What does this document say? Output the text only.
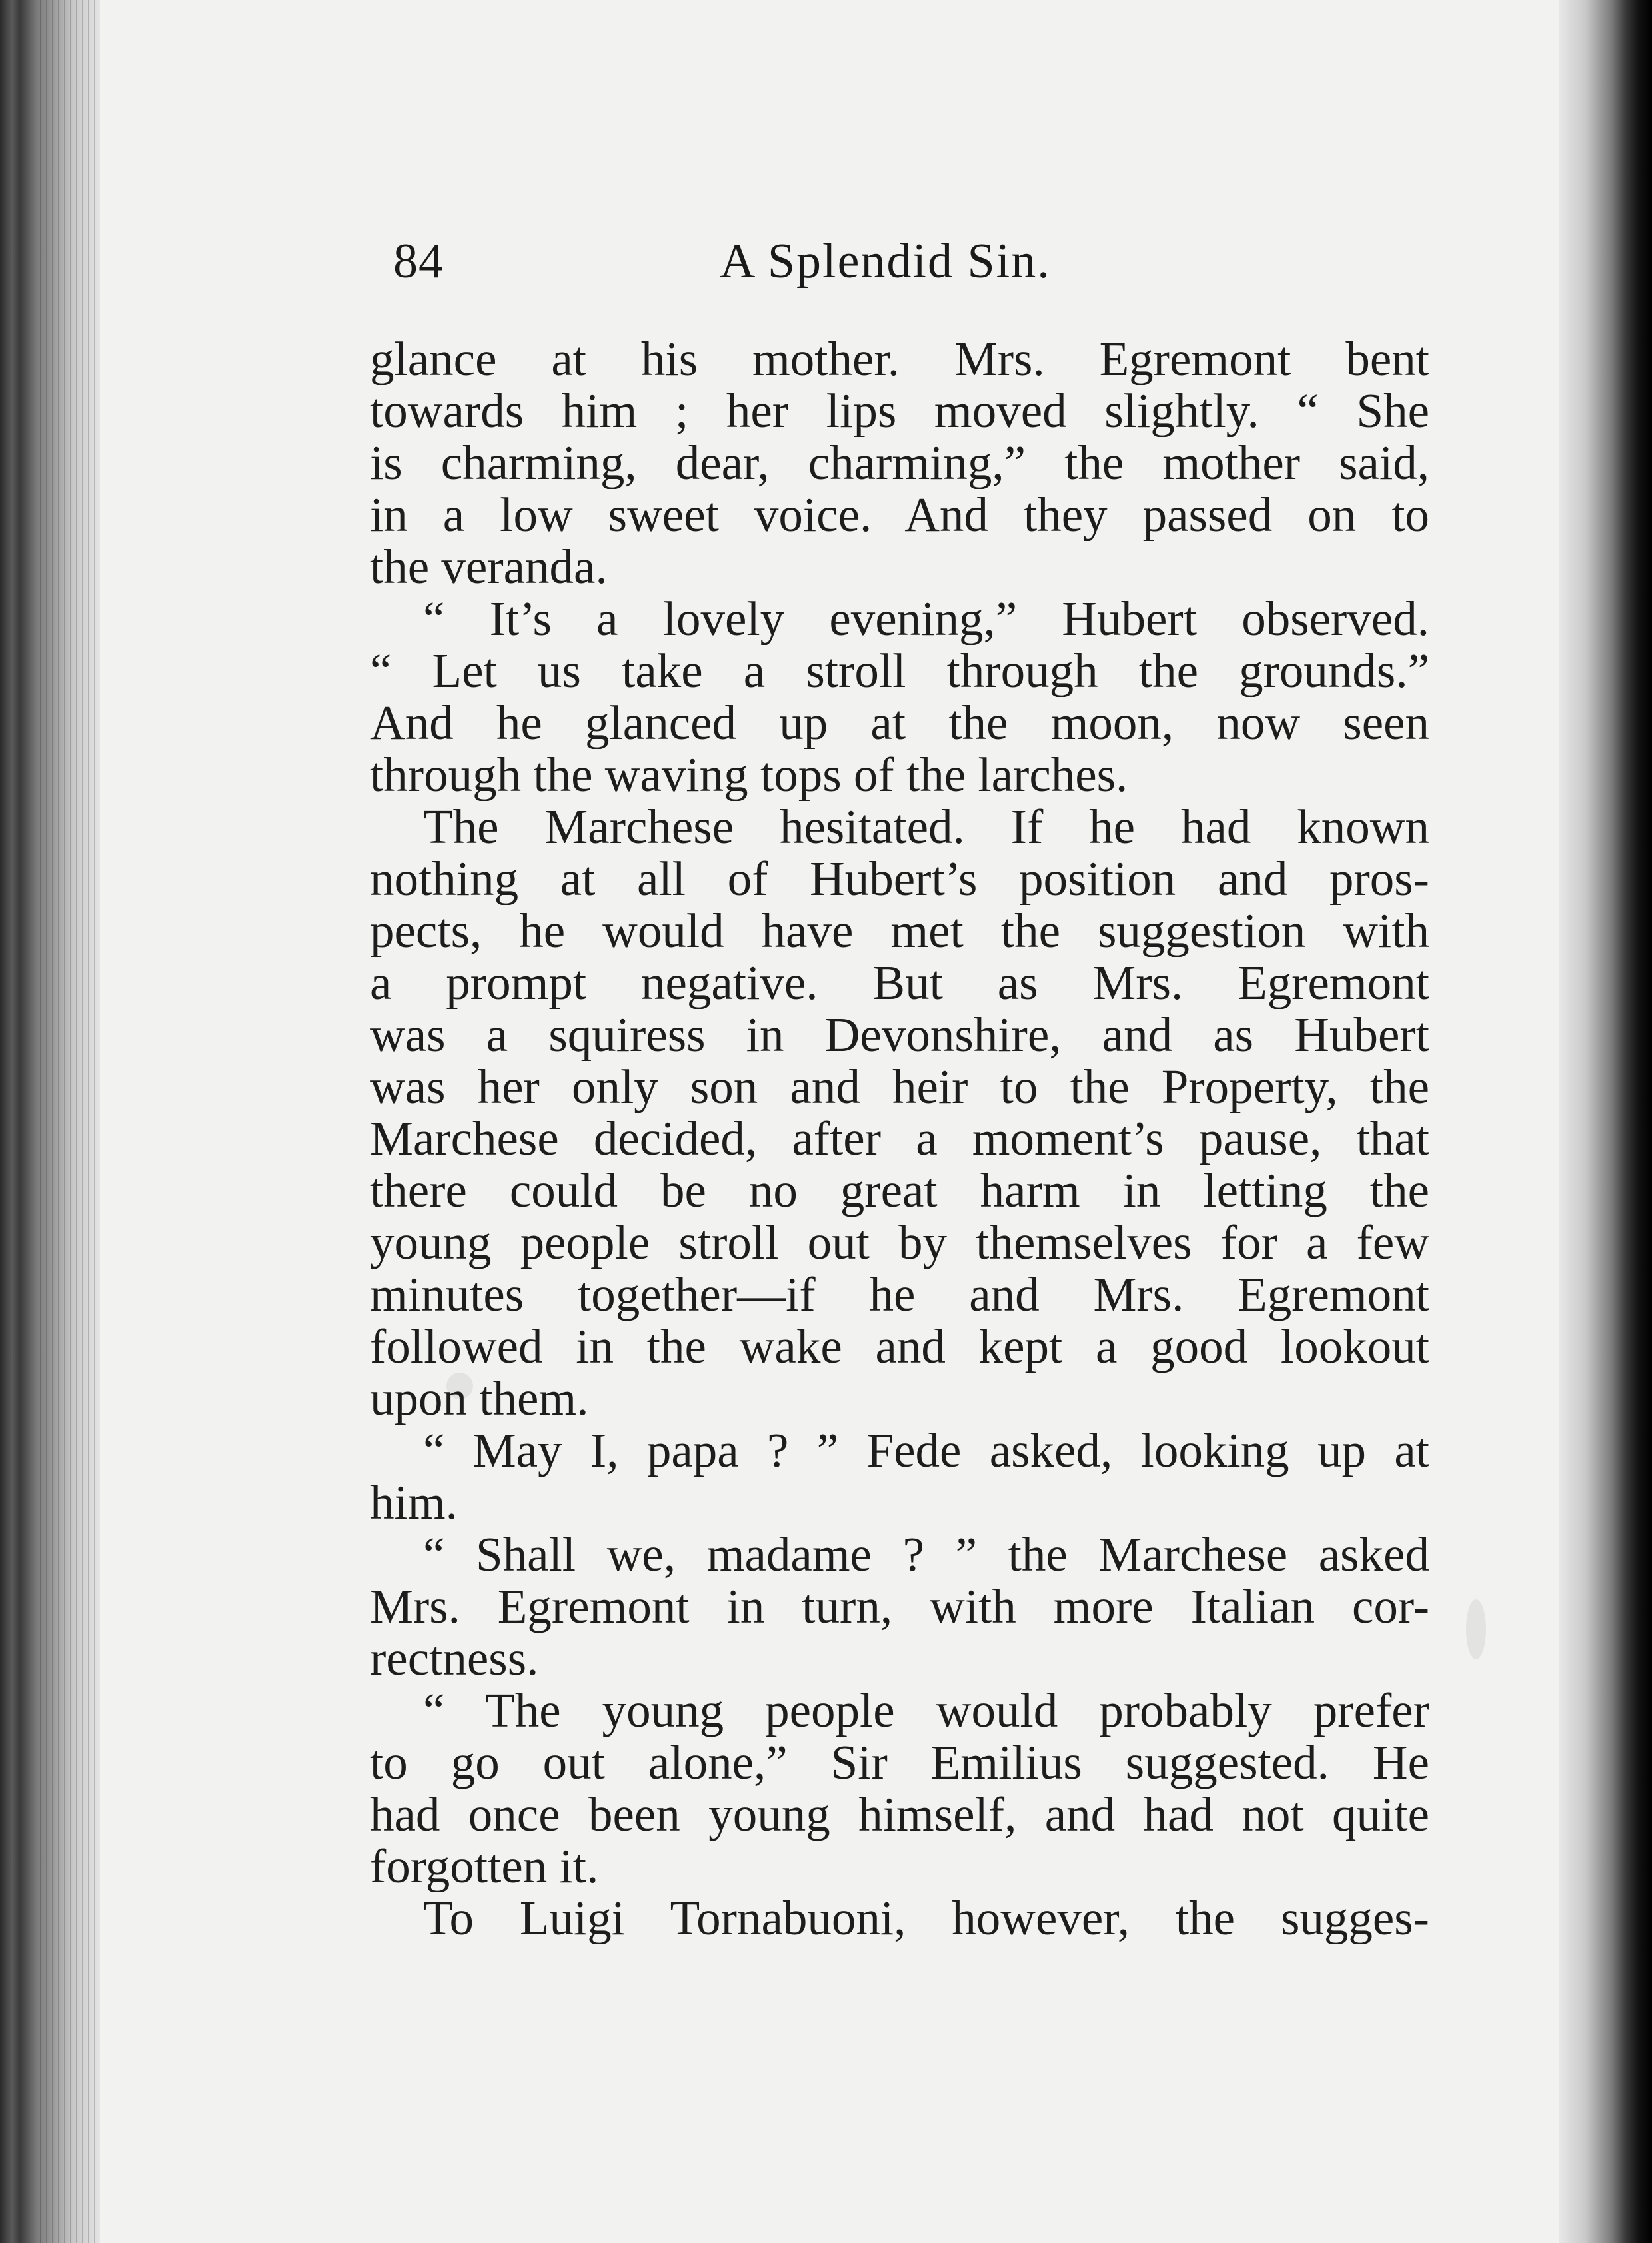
84	A Splendid Sin.
glance at his mother. Mrs. Egremont bent
towards him ; her lips moved slightly. “ She
is charming, dear, charming,” the mother said,
in a low sweet voice. And they passed on to
the veranda.
“ It’s a lovely evening,” Hubert observed.
“ Let us take a stroll through the grounds.”
And he glanced up at the moon, now seen
through the waving tops of the larches.
The Marchese hesitated. If he had known
nothing at all of Hubert’s position and pros-
pects, he would have met the suggestion with
a prompt negative. But as Mrs. Egremont
was a squiress in Devonshire, and as Hubert
was her only son and heir to the Property, the
Marchese decided, after a moment’s pause, that
there could be no great harm in letting the
young people stroll out by themselves for a few
minutes together—if he and Mrs. Egremont
followed in the wake and kept a good lookout
upon them.
“ May I, papa ? ” Fede asked, looking up at
him.
“ Shall we, madame ? ” the Marchese asked
Mrs. Egremont in turn, with more Italian cor-
rectness.
“ The young people would probably prefer
to go out alone,” Sir Emilius suggested. He
had once been young himself, and had not quite
forgotten it.
To Luigi Tornabuoni, however, the sugges-
